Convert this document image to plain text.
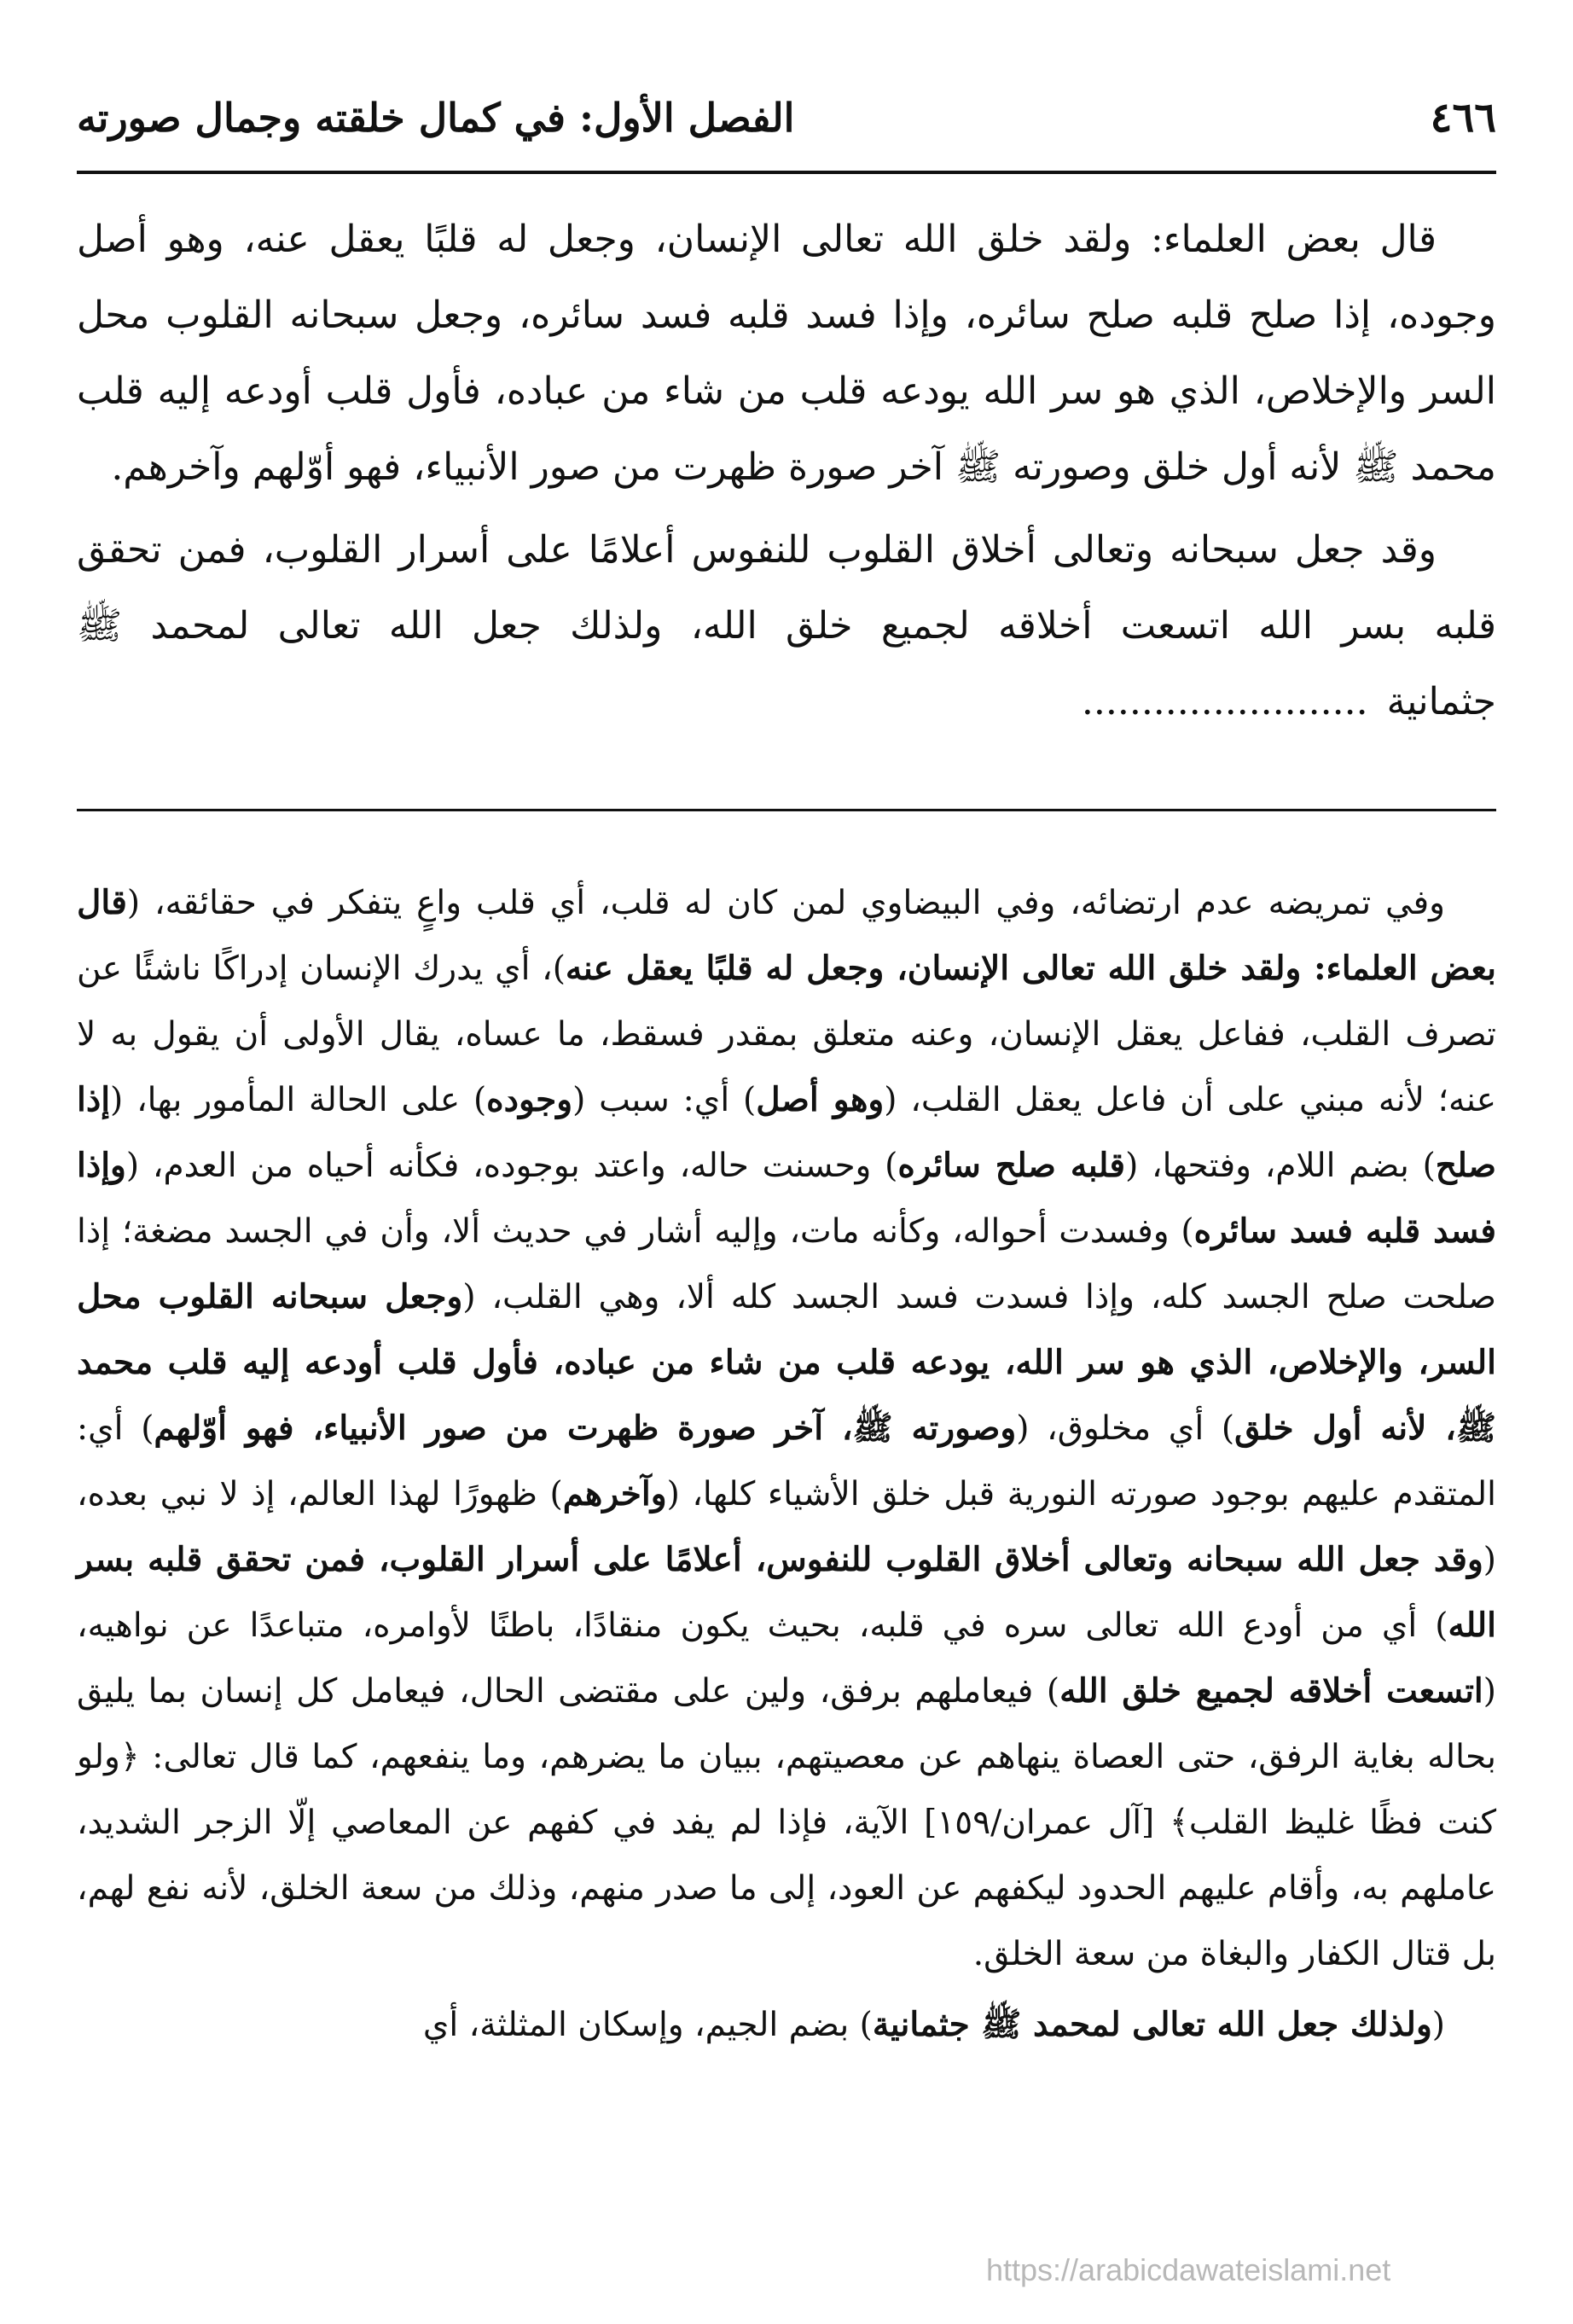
٤٦٦
الفصل الأول: في كمال خلقته وجمال صورته

قال بعض العلماء: ولقد خلق الله تعالى الإنسان، وجعل له قلبًا يعقل عنه، وهو أصل وجوده، إذا صلح قلبه صلح سائره، وإذا فسد قلبه فسد سائره، وجعل سبحانه القلوب محل السر والإخلاص، الذي هو سر الله يودعه قلب من شاء من عباده، فأول قلب أودعه إليه قلب محمد ﷺ لأنه أول خلق وصورته ﷺ آخر صورة ظهرت من صور الأنبياء، فهو أوّلهم وآخرهم.

وقد جعل سبحانه وتعالى أخلاق القلوب للنفوس أعلامًا على أسرار القلوب، فمن تحقق قلبه بسر الله اتسعت أخلاقه لجميع خلق الله، ولذلك جعل الله تعالى لمحمد ﷺ جثمانية........................

وفي تمريضه عدم ارتضائه، وفي البيضاوي لمن كان له قلب، أي قلب واعٍ يتفكر في حقائقه، (قال بعض العلماء: ولقد خلق الله تعالى الإنسان، وجعل له قلبًا يعقل عنه)، أي يدرك الإنسان إدراكًا ناشئًا عن تصرف القلب، ففاعل يعقل الإنسان، وعنه متعلق بمقدر فسقط، ما عساه، يقال الأولى أن يقول به لا عنه؛ لأنه مبني على أن فاعل يعقل القلب، (وهو أصل) أي: سبب (وجوده) على الحالة المأمور بها، (إذا صلح) بضم اللام، وفتحها، (قلبه صلح سائره) وحسنت حاله، واعتد بوجوده، فكأنه أحياه من العدم، (وإذا فسد قلبه فسد سائره) وفسدت أحواله، وكأنه مات، وإليه أشار في حديث ألا، وأن في الجسد مضغة؛ إذا صلحت صلح الجسد كله، وإذا فسدت فسد الجسد كله ألا، وهي القلب، (وجعل سبحانه القلوب محل السر، والإخلاص، الذي هو سر الله، يودعه قلب من شاء من عباده، فأول قلب أودعه إليه قلب محمد ﷺ، لأنه أول خلق) أي مخلوق، (وصورته ﷺ، آخر صورة ظهرت من صور الأنبياء، فهو أوّلهم) أي: المتقدم عليهم بوجود صورته النورية قبل خلق الأشياء كلها، (وآخرهم) ظهورًا لهذا العالم، إذ لا نبي بعده، (وقد جعل الله سبحانه وتعالى أخلاق القلوب للنفوس، أعلامًا على أسرار القلوب، فمن تحقق قلبه بسر الله) أي من أودع الله تعالى سره في قلبه، بحيث يكون منقادًا، باطنًا لأوامره، متباعدًا عن نواهيه، (اتسعت أخلاقه لجميع خلق الله) فيعاملهم برفق، ولين على مقتضى الحال، فيعامل كل إنسان بما يليق بحاله بغاية الرفق، حتى العصاة ينهاهم عن معصيتهم، ببيان ما يضرهم، وما ينفعهم، كما قال تعالى: ﴿ولو كنت فظًا غليظ القلب﴾ [آل عمران/١٥٩] الآية، فإذا لم يفد في كفهم عن المعاصي إلّا الزجر الشديد، عاملهم به، وأقام عليهم الحدود ليكفهم عن العود، إلى ما صدر منهم، وذلك من سعة الخلق، لأنه نفع لهم، بل قتال الكفار والبغاة من سعة الخلق.

(ولذلك جعل الله تعالى لمحمد ﷺ جثمانية) بضم الجيم، وإسكان المثلثة، أي

https://arabicdawateislami.net
